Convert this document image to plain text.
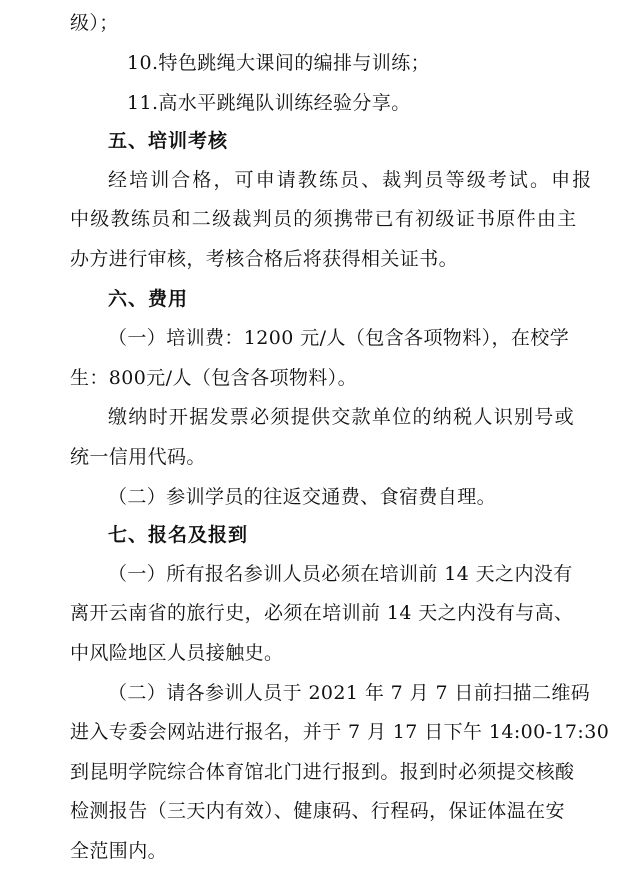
级）；
10.特色跳绳大课间的编排与训练；
11.高水平跳绳队训练经验分享。
五、培训考核
经培训合格，可申请教练员、裁判员等级考试。申报
中级教练员和二级裁判员的须携带已有初级证书原件由主
办方进行审核，考核合格后将获得相关证书。
六、费用
（一）培训费：1200 元/人（包含各项物料），在校学
生：800元/人（包含各项物料）。
缴纳时开据发票必须提供交款单位的纳税人识别号或
统一信用代码。
（二）参训学员的往返交通费、食宿费自理。
七、报名及报到
（一）所有报名参训人员必须在培训前 14 天之内没有
离开云南省的旅行史，必须在培训前 14 天之内没有与高、
中风险地区人员接触史。
（二）请各参训人员于 2021 年 7 月 7 日前扫描二维码
进入专委会网站进行报名，并于 7 月 17 日下午 14:00-17:30
到昆明学院综合体育馆北门进行报到。报到时必须提交核酸
检测报告（三天内有效）、健康码、行程码，保证体温在安
全范围内。
